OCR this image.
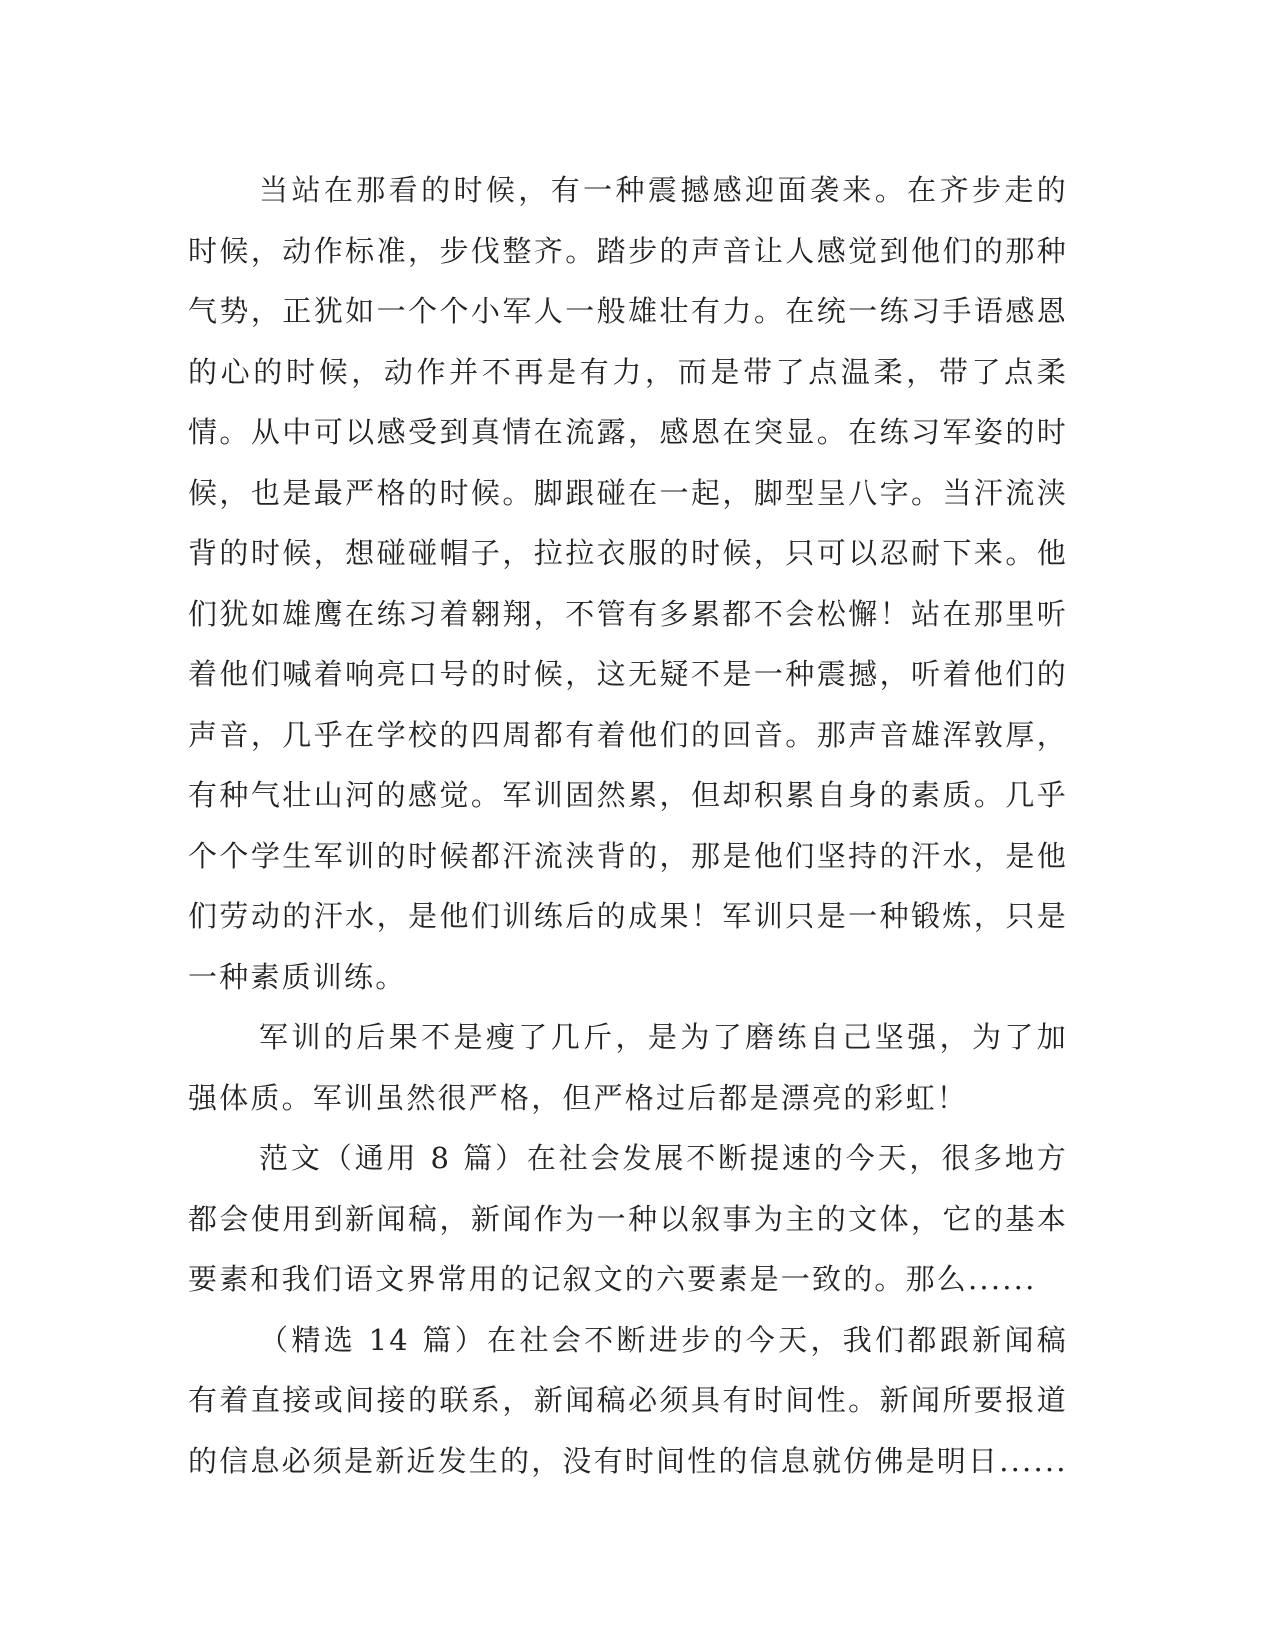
当站在那看的时候，有一种震撼感迎面袭来。在齐步走的时候，动作标准，步伐整齐。踏步的声音让人感觉到他们的那种气势，正犹如一个个小军人一般雄壮有力。在统一练习手语感恩的心的时候，动作并不再是有力，而是带了点温柔，带了点柔情。从中可以感受到真情在流露，感恩在突显。在练习军姿的时候，也是最严格的时候。脚跟碰在一起，脚型呈八字。当汗流浃背的时候，想碰碰帽子，拉拉衣服的时候，只可以忍耐下来。他们犹如雄鹰在练习着翱翔，不管有多累都不会松懈！站在那里听着他们喊着响亮口号的时候，这无疑不是一种震撼，听着他们的声音，几乎在学校的四周都有着他们的回音。那声音雄浑敦厚，有种气壮山河的感觉。军训固然累，但却积累自身的素质。几乎个个学生军训的时候都汗流浃背的，那是他们坚持的汗水，是他们劳动的汗水，是他们训练后的成果！军训只是一种锻炼，只是一种素质训练。

军训的后果不是瘦了几斤，是为了磨练自己坚强，为了加强体质。军训虽然很严格，但严格过后都是漂亮的彩虹！

范文（通用 8 篇）在社会发展不断提速的今天，很多地方都会使用到新闻稿，新闻作为一种以叙事为主的文体，它的基本要素和我们语文界常用的记叙文的六要素是一致的。那么......

（精选 14 篇）在社会不断进步的今天，我们都跟新闻稿有着直接或间接的联系，新闻稿必须具有时间性。新闻所要报道的信息必须是新近发生的，没有时间性的信息就仿佛是明日......
